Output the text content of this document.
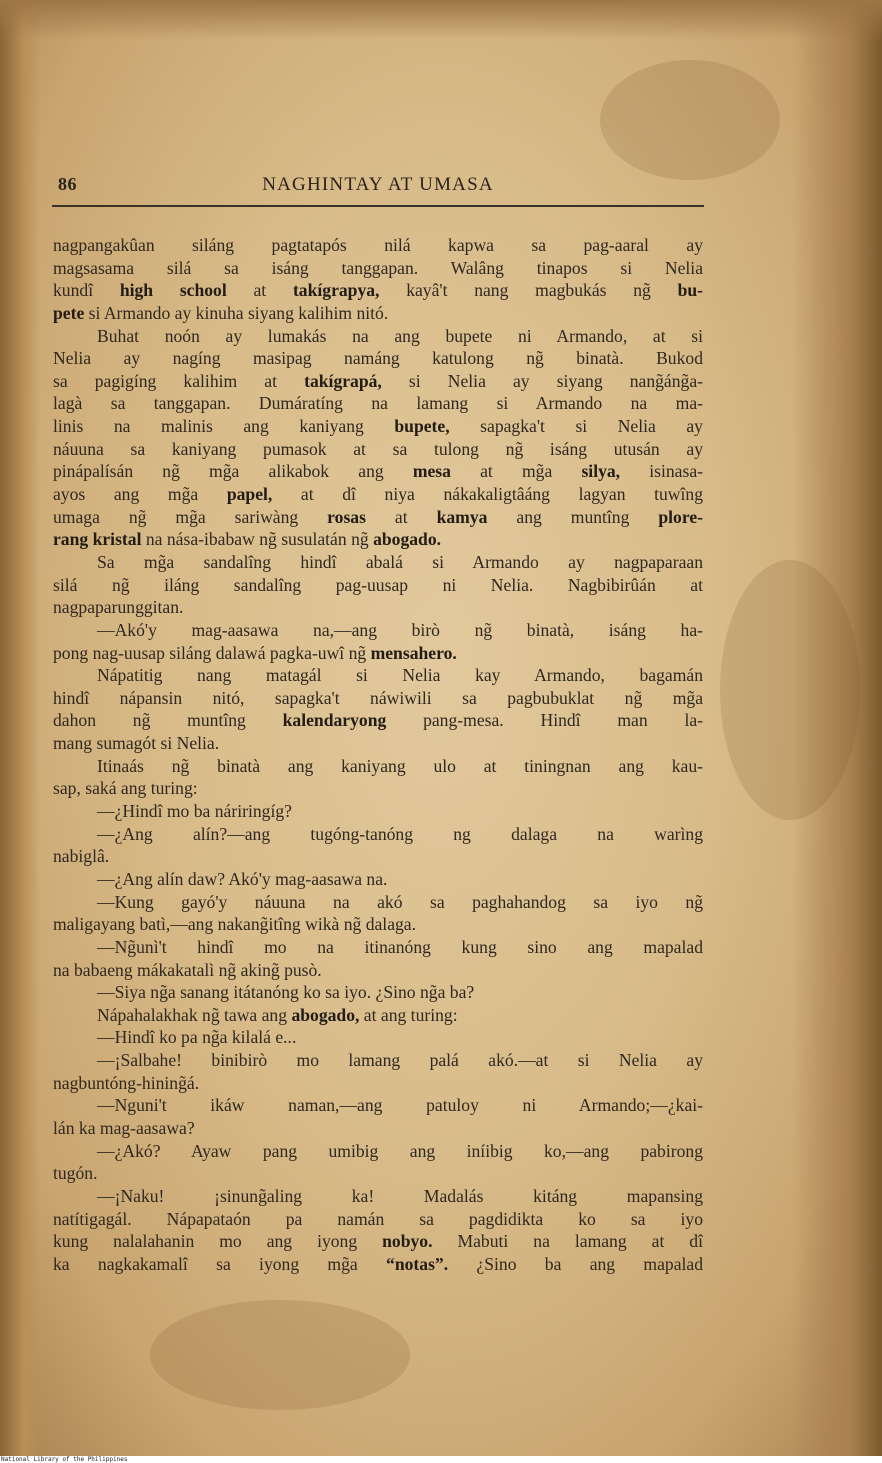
86	NAGHINTAY AT UMASA
nagpangakûan siláng pagtatapós nilá kapwa sa pag-aaral ay
magsasama silá sa isáng tanggapan. Walâng tinapos si Nelia
kundî high school at takígrapya, kayâ't nang magbukás ng̃ bu-
pete si Armando ay kinuha siyang kalihim nitó.
Buhat noón ay lumakás na ang bupete ni Armando, at si
Nelia ay nagíng masipag namáng katulong ng̃ binatà. Bukod
sa pagigíng kalihim at takígrapá, si Nelia ay siyang nang̃áng̃a-
lagà sa tanggapan. Dumáratíng na lamang si Armando na ma-
linis na malinis ang kaniyang bupete, sapagka't si Nelia ay
náuuna sa kaniyang pumasok at sa tulong ng̃ isáng utusán ay
pinápalísán ng̃ mg̃a alikabok ang mesa at mg̃a silya, isinasa-
ayos ang mg̃a papel, at dî niya nákakaligtâáng lagyan tuwîng
umaga ng̃ mg̃a sariwàng rosas at kamya ang muntîng plore-
rang kristal na nása-ibabaw ng̃ susulatán ng̃ abogado.
Sa mg̃a sandalîng hindî abalá si Armando ay nagpaparaan
silá ng̃ iláng sandalîng pag-uusap ni Nelia. Nagbibirûán at
nagpaparunggitan.
—Akó'y mag-aasawa na,—ang birò ng̃ binatà, isáng ha-
pong nag-uusap siláng dalawá pagka-uwî ng̃ mensahero.
Nápatitig nang matagál si Nelia kay Armando, bagamán
hindî nápansin nitó, sapagka't náwiwili sa pagbubuklat ng̃ mg̃a
dahon ng̃ muntîng kalendaryong pang-mesa. Hindî man la-
mang sumagót si Nelia.
Itinaás ng̃ binatà ang kaniyang ulo at tiningnan ang kau-
sap, saká ang turing:
—¿Hindî mo ba náriringíg?
—¿Ang alín?—ang tugóng-tanóng ng dalaga na warìng
nabiglâ.
—¿Ang alín daw? Akó'y mag-aasawa na.
—Kung gayó'y náuuna na akó sa paghahandog sa iyo ng̃
maligayang batì,—ang nakang̃itîng wikà ng̃ dalaga.
—Ng̃unì't hindî mo na itinanóng kung sino ang mapalad
na babaeng mákakatalì ng̃ aking̃ pusò.
—Siya ng̃a sanang itátanóng ko sa iyo. ¿Sino ng̃a ba?
Nápahalakhak ng̃ tawa ang abogado, at ang turing:
—Hindî ko pa ng̃a kilalá e...
—¡Salbahe! binibirò mo lamang palá akó.—at si Nelia ay
nagbuntóng-hining̃á.
—Nguni't ikáw naman,—ang patuloy ni Armando;—¿kai-
lán ka mag-aasawa?
—¿Akó? Ayaw pang umibig ang iníibig ko,—ang pabirong
tugón.
—¡Naku! ¡sinung̃aling ka! Madalás kitáng mapansing
natítigagál. Nápapataón pa namán sa pagdidikta ko sa iyo
kung nalalahanin mo ang iyong nobyo. Mabuti na lamang at dî
ka nagkakamalî sa iyong mg̃a “notas”. ¿Sino ba ang mapalad
National Library of the Philippines
